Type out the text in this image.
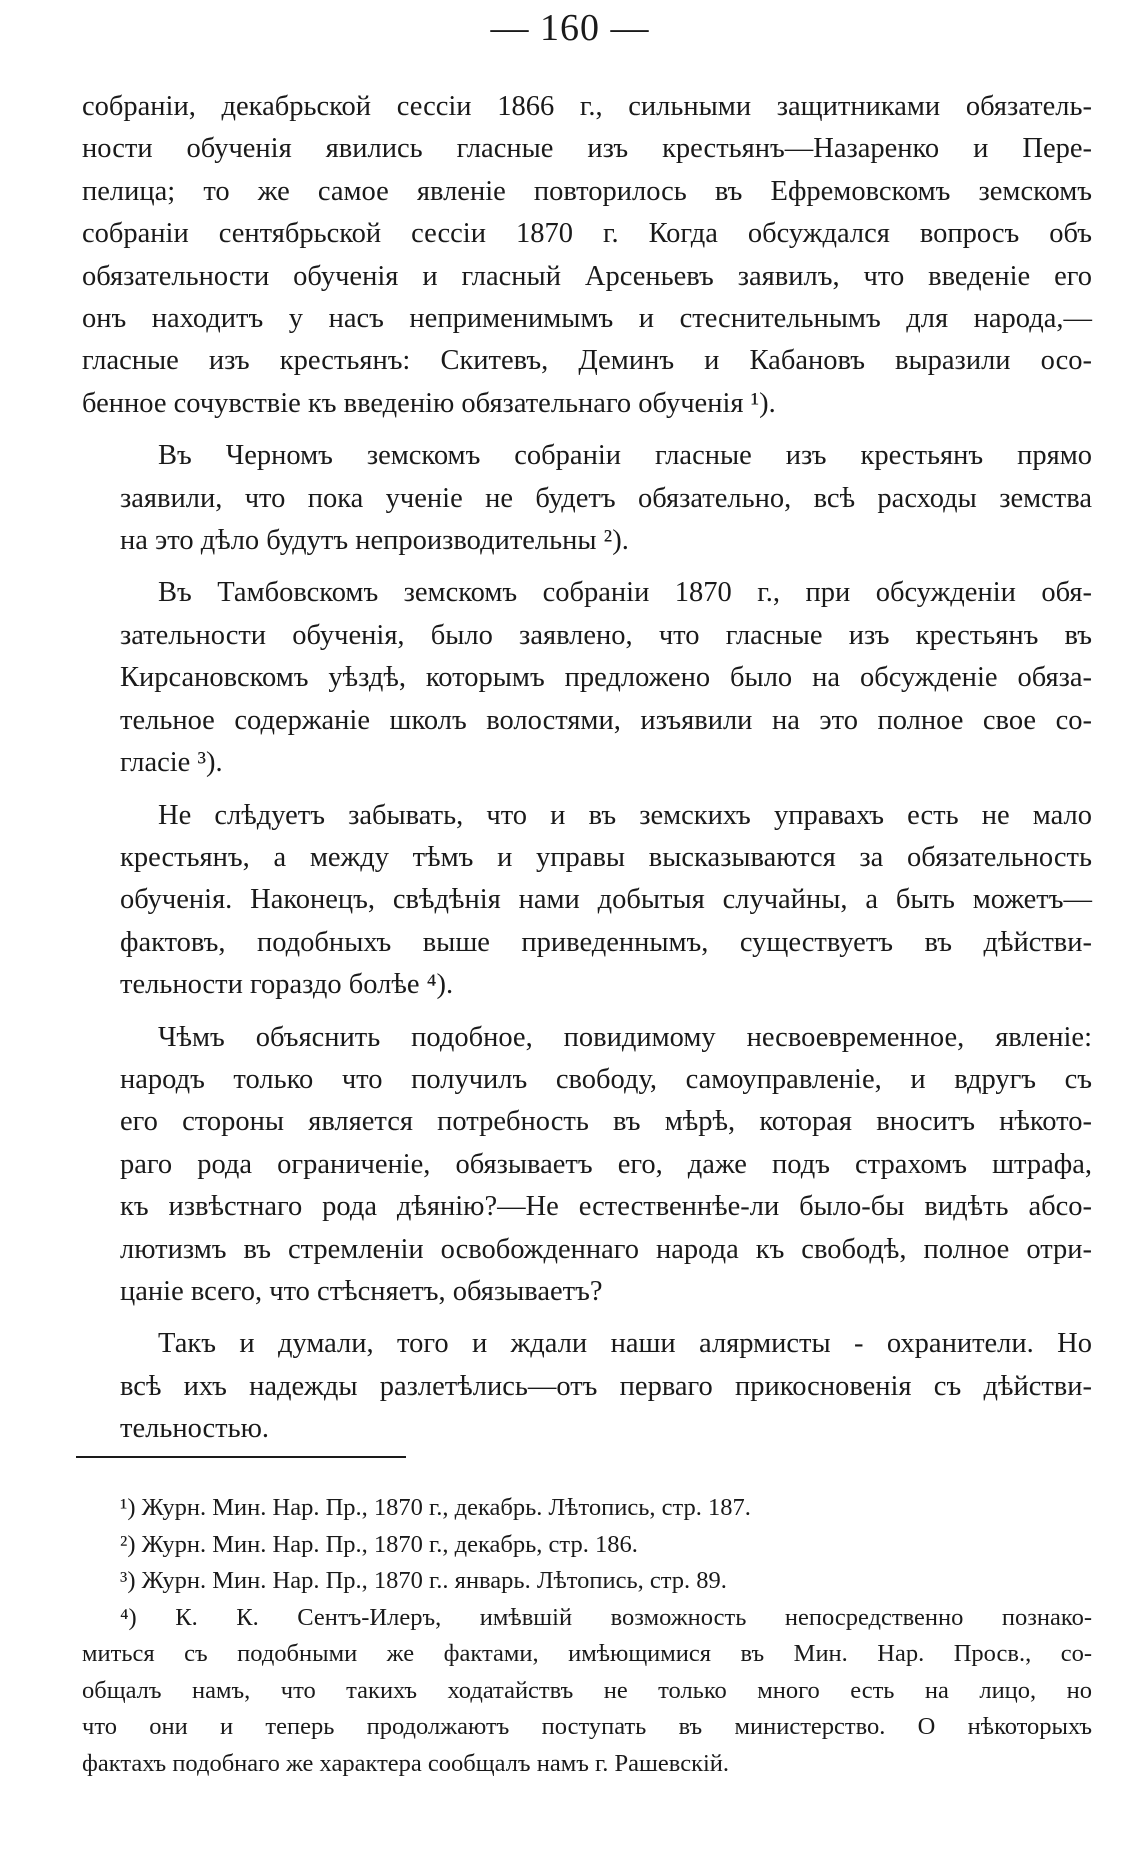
— 160 —
собранiи, декабрьской сессiи 1866 г., сильными защитниками обязатель-
ности обученiя явились гласные изъ крестьянъ—Назаренко и Пере-
пелица; то же самое явленiе повторилось въ Ефремовскомъ земскомъ
собранiи сентябрьской сессiи 1870 г. Когда обсуждался вопросъ объ
обязательности обученiя и гласный Арсеньевъ заявилъ, что введенiе его
онъ находитъ у насъ неприменимымъ и стеснительнымъ для народа,—
гласные изъ крестьянъ: Скитевъ, Деминъ и Кабановъ выразили осо-
бенное сочувствiе къ введенiю обязательнаго обученiя ¹).
Въ Черномъ земскомъ собранiи гласные изъ крестьянъ прямо
заявили, что пока ученiе не будетъ обязательно, всѣ расходы земства
на это дѣло будутъ непроизводительны ²).
Въ Тамбовскомъ земскомъ собранiи 1870 г., при обсужденiи обя-
зательности обученiя, было заявлено, что гласные изъ крестьянъ въ
Кирсановскомъ уѣздѣ, которымъ предложено было на обсужденiе обяза-
тельное содержанiе школъ волостями, изъявили на это полное свое со-
гласiе ³).
Не слѣдуетъ забывать, что и въ земскихъ управахъ есть не мало
крестьянъ, а между тѣмъ и управы высказываются за обязательность
обученiя. Наконецъ, свѣдѣнiя нами добытыя случайны, а быть можетъ—
фактовъ, подобныхъ выше приведеннымъ, существуетъ въ дѣйстви-
тельности гораздо болѣе ⁴).
Чѣмъ объяснить подобное, повидимому несвоевременное, явленiе:
народъ только что получилъ свободу, самоуправленiе, и вдругъ съ
его стороны является потребность въ мѣрѣ, которая вноситъ нѣкото-
раго рода ограниченiе, обязываетъ его, даже подъ страхомъ штрафа,
къ извѣстнаго рода дѣянiю?—Не естественнѣе-ли было-бы видѣть абсо-
лютизмъ въ стремленiи освобожденнаго народа къ свободѣ, полное отри-
цанiе всего, что стѣсняетъ, обязываетъ?
Такъ и думали, того и ждали наши алярмисты - охранители. Но
всѣ ихъ надежды разлетѣлись—отъ перваго прикосновенiя съ дѣйстви-
тельностью.
¹) Журн. Мин. Нар. Пр., 1870 г., декабрь. Лѣтопись, стр. 187.
²) Журн. Мин. Нар. Пр., 1870 г., декабрь, стр. 186.
³) Журн. Мин. Нар. Пр., 1870 г.. январь. Лѣтопись, стр. 89.
⁴) К. К. Сентъ-Илеръ, имѣвшiй возможность непосредственно познако-
миться съ подобными же фактами, имѣющимися въ Мин. Нар. Просв., со-
общалъ намъ, что такихъ ходатайствъ не только много есть на лицо, но
что они и теперь продолжаютъ поступать въ министерство. О нѣкоторыхъ
фактахъ подобнаго же характера сообщалъ намъ г. Рашевскiй.
